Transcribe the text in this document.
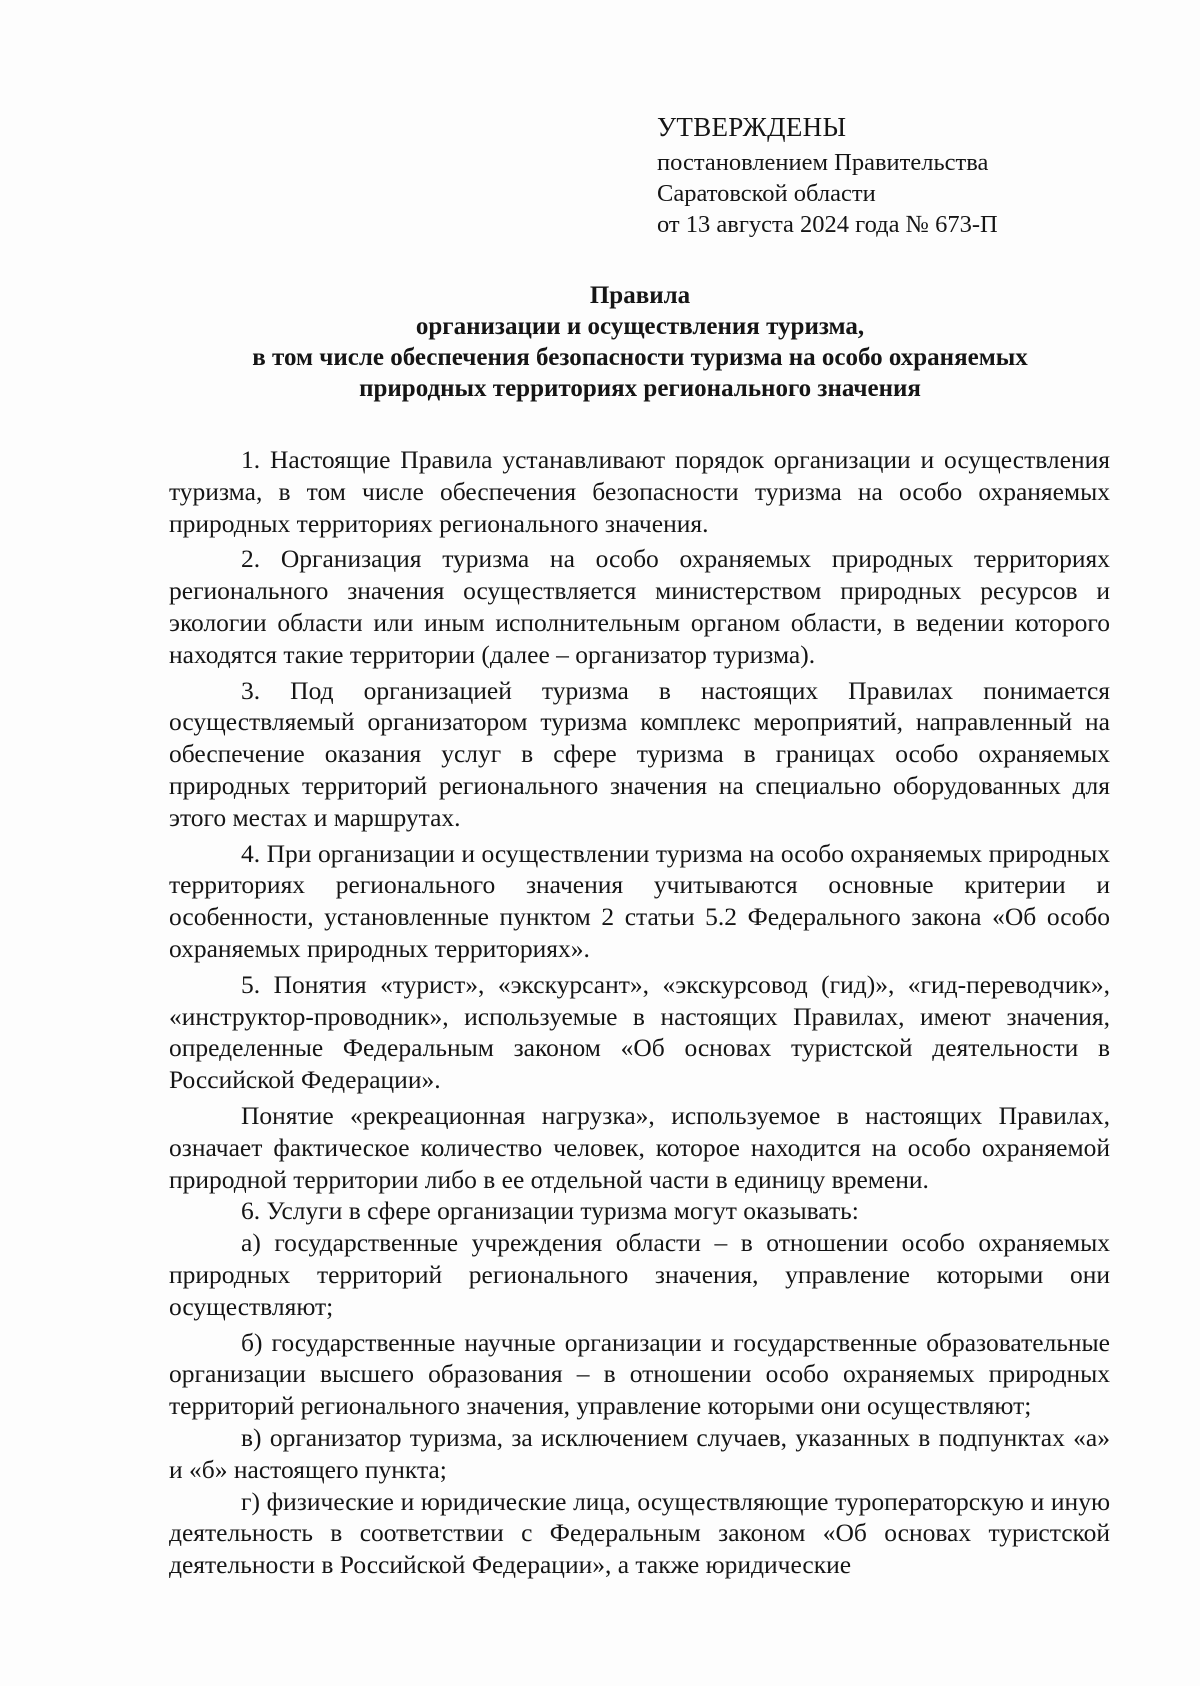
УТВЕРЖДЕНЫ
постановлением Правительства
Саратовской области
от 13 августа 2024 года № 673-П
Правила
организации и осуществления туризма,
в том числе обеспечения безопасности туризма на особо охраняемых
природных территориях регионального значения

1. Настоящие Правила устанавливают порядок организации и осуществления туризма, в том числе обеспечения безопасности туризма на особо охраняемых природных территориях регионального значения.

2. Организация туризма на особо охраняемых природных территориях регионального значения осуществляется министерством природных ресурсов и экологии области или иным исполнительным органом области, в ведении которого находятся такие территории (далее – организатор туризма).

3. Под организацией туризма в настоящих Правилах понимается осуществляемый организатором туризма комплекс мероприятий, направленный на обеспечение оказания услуг в сфере туризма в границах особо охраняемых природных территорий регионального значения на специально оборудованных для этого местах и маршрутах.

4. При организации и осуществлении туризма на особо охраняемых природных территориях регионального значения учитываются основные критерии и особенности, установленные пунктом 2 статьи 5.2 Федерального закона «Об особо охраняемых природных территориях».

5. Понятия «турист», «экскурсант», «экскурсовод (гид)», «гид-переводчик», «инструктор-проводник», используемые в настоящих Правилах, имеют значения, определенные Федеральным законом «Об основах туристской деятельности в Российской Федерации».

Понятие «рекреационная нагрузка», используемое в настоящих Правилах, означает фактическое количество человек, которое находится на особо охраняемой природной территории либо в ее отдельной части в единицу времени.

6. Услуги в сфере организации туризма могут оказывать:

а) государственные учреждения области – в отношении особо охраняемых природных территорий регионального значения, управление которыми они осуществляют;

б) государственные научные организации и государственные образовательные организации высшего образования – в отношении особо охраняемых природных территорий регионального значения, управление которыми они осуществляют;

в) организатор туризма, за исключением случаев, указанных в подпунктах «а» и «б» настоящего пункта;

г) физические и юридические лица, осуществляющие туроператорскую и иную деятельность в соответствии с Федеральным законом «Об основах туристской деятельности в Российской Федерации», а также юридические
